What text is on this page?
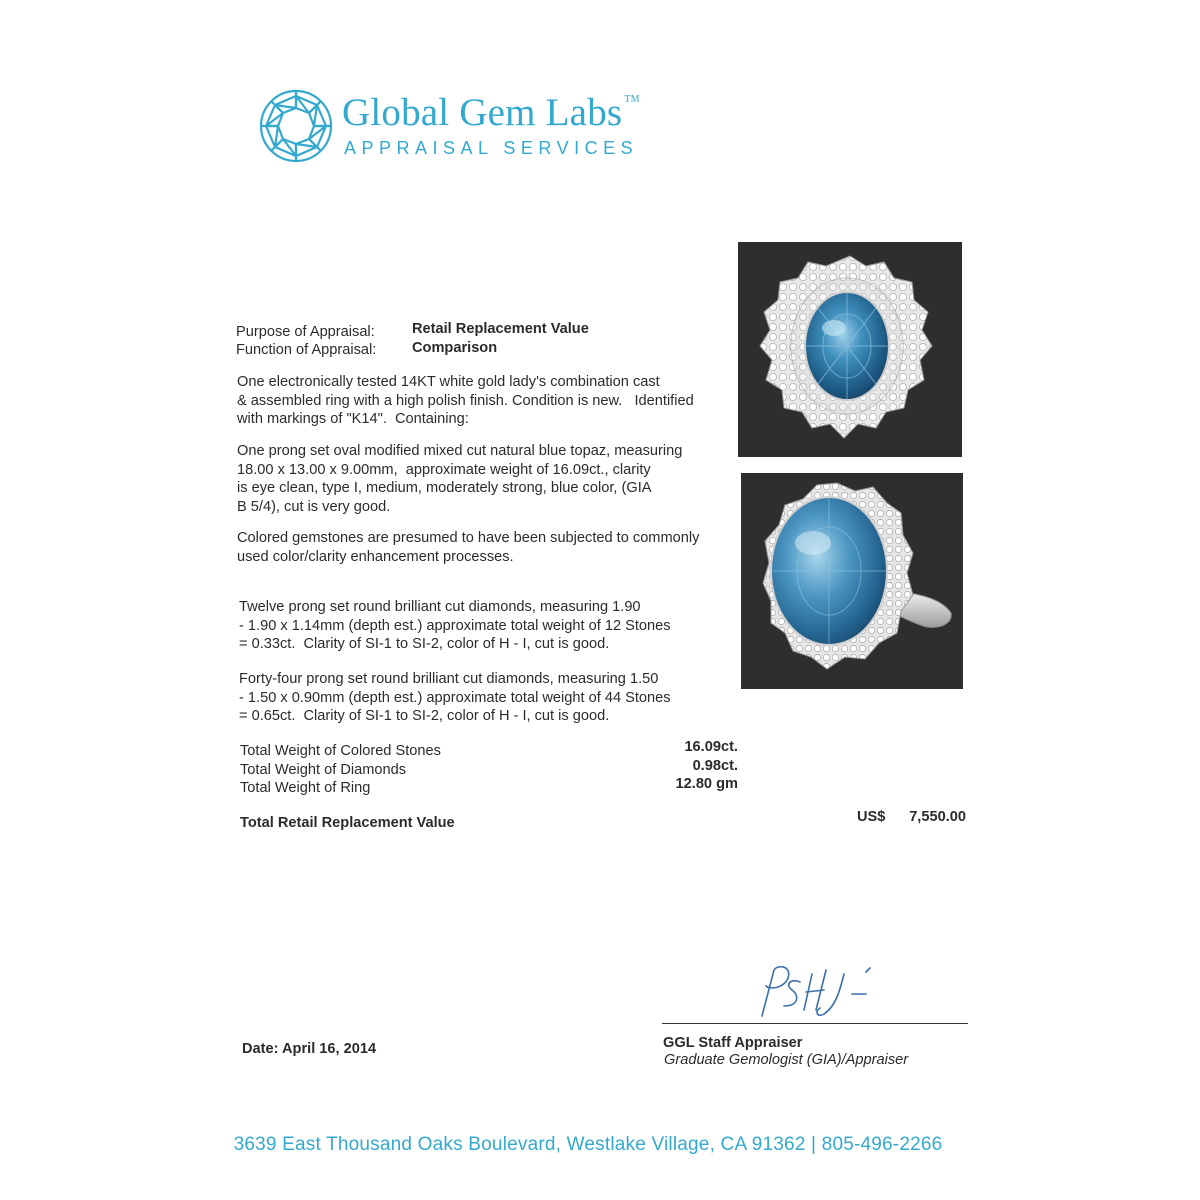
Global Gem Labs ™
APPRAISAL SERVICES
Purpose of Appraisal:	Retail Replacement Value
Function of Appraisal: Comparison
One electronically tested 14KT white gold lady's combination cast
& assembled ring with a high polish finish. Condition is new.   Identified
with markings of "K14".  Containing:
One prong set oval modified mixed cut natural blue topaz, measuring
18.00 x 13.00 x 9.00mm,  approximate weight of 16.09ct., clarity
is eye clean, type I, medium, moderately strong, blue color, (GIA
B 5/4), cut is very good.
Colored gemstones are presumed to have been subjected to commonly
used color/clarity enhancement processes.
Twelve prong set round brilliant cut diamonds, measuring 1.90
- 1.90 x 1.14mm (depth est.) approximate total weight of 12 Stones
= 0.33ct.  Clarity of SI-1 to SI-2, color of H - I, cut is good.
Forty-four prong set round brilliant cut diamonds, measuring 1.50
- 1.50 x 0.90mm (depth est.) approximate total weight of 44 Stones
= 0.65ct.  Clarity of SI-1 to SI-2, color of H - I, cut is good.
Total Weight of Colored Stones	16.09ct.
Total Weight of Diamonds	0.98ct.
Total Weight of Ring	12.80 gm
Total Retail Replacement Value	US$ 7,550.00
Date: April 16, 2014	GGL Staff Appraiser
Graduate Gemologist (GIA)/Appraiser
3639 East Thousand Oaks Boulevard, Westlake Village, CA 91362 | 805-496-2266
